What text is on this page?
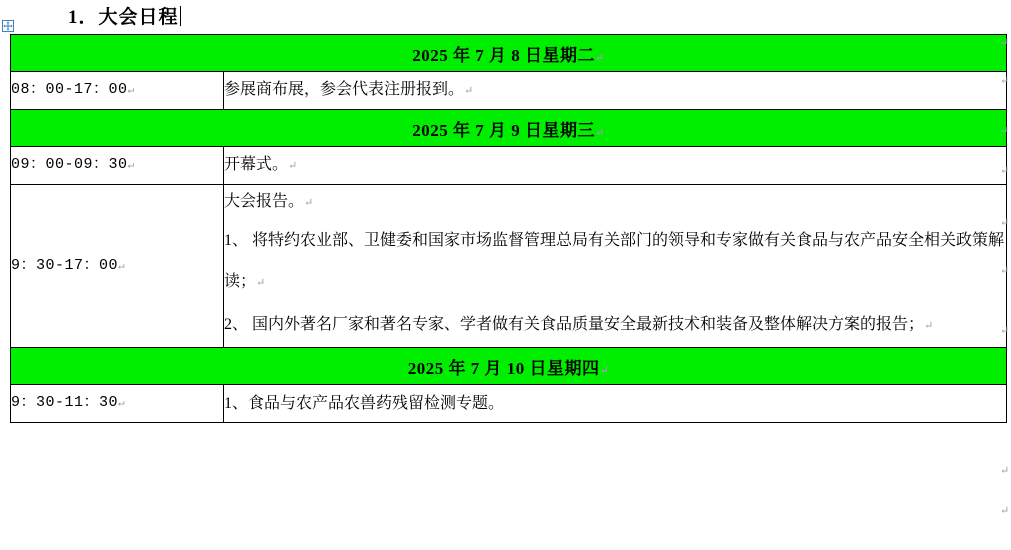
1．大会日程
2025 年 7 月 8 日星期二↵	
08：00-17：00↵	参展商布展，参会代表注册报到。↵
2025 年 7 月 9 日星期三↵	
09：00-09：30↵	开幕式。↵
9：30-17：00↵	大会报告。↵

1、 将特约农业部、卫健委和国家市场监督管理总局有关部门的领导和专家做有关食品与农产品安全相关政策解读；↵

2、 国内外著名厂家和著名专家、学者做有关食品质量安全最新技术和装备及整体解决方案的报告；↵

2025 年 7 月 10 日星期四↵	
9：30-11：30↵	1、食品与农产品农兽药残留检测专题。
↵
↵
↵
↵
↵
↵
↵
↵
↵
